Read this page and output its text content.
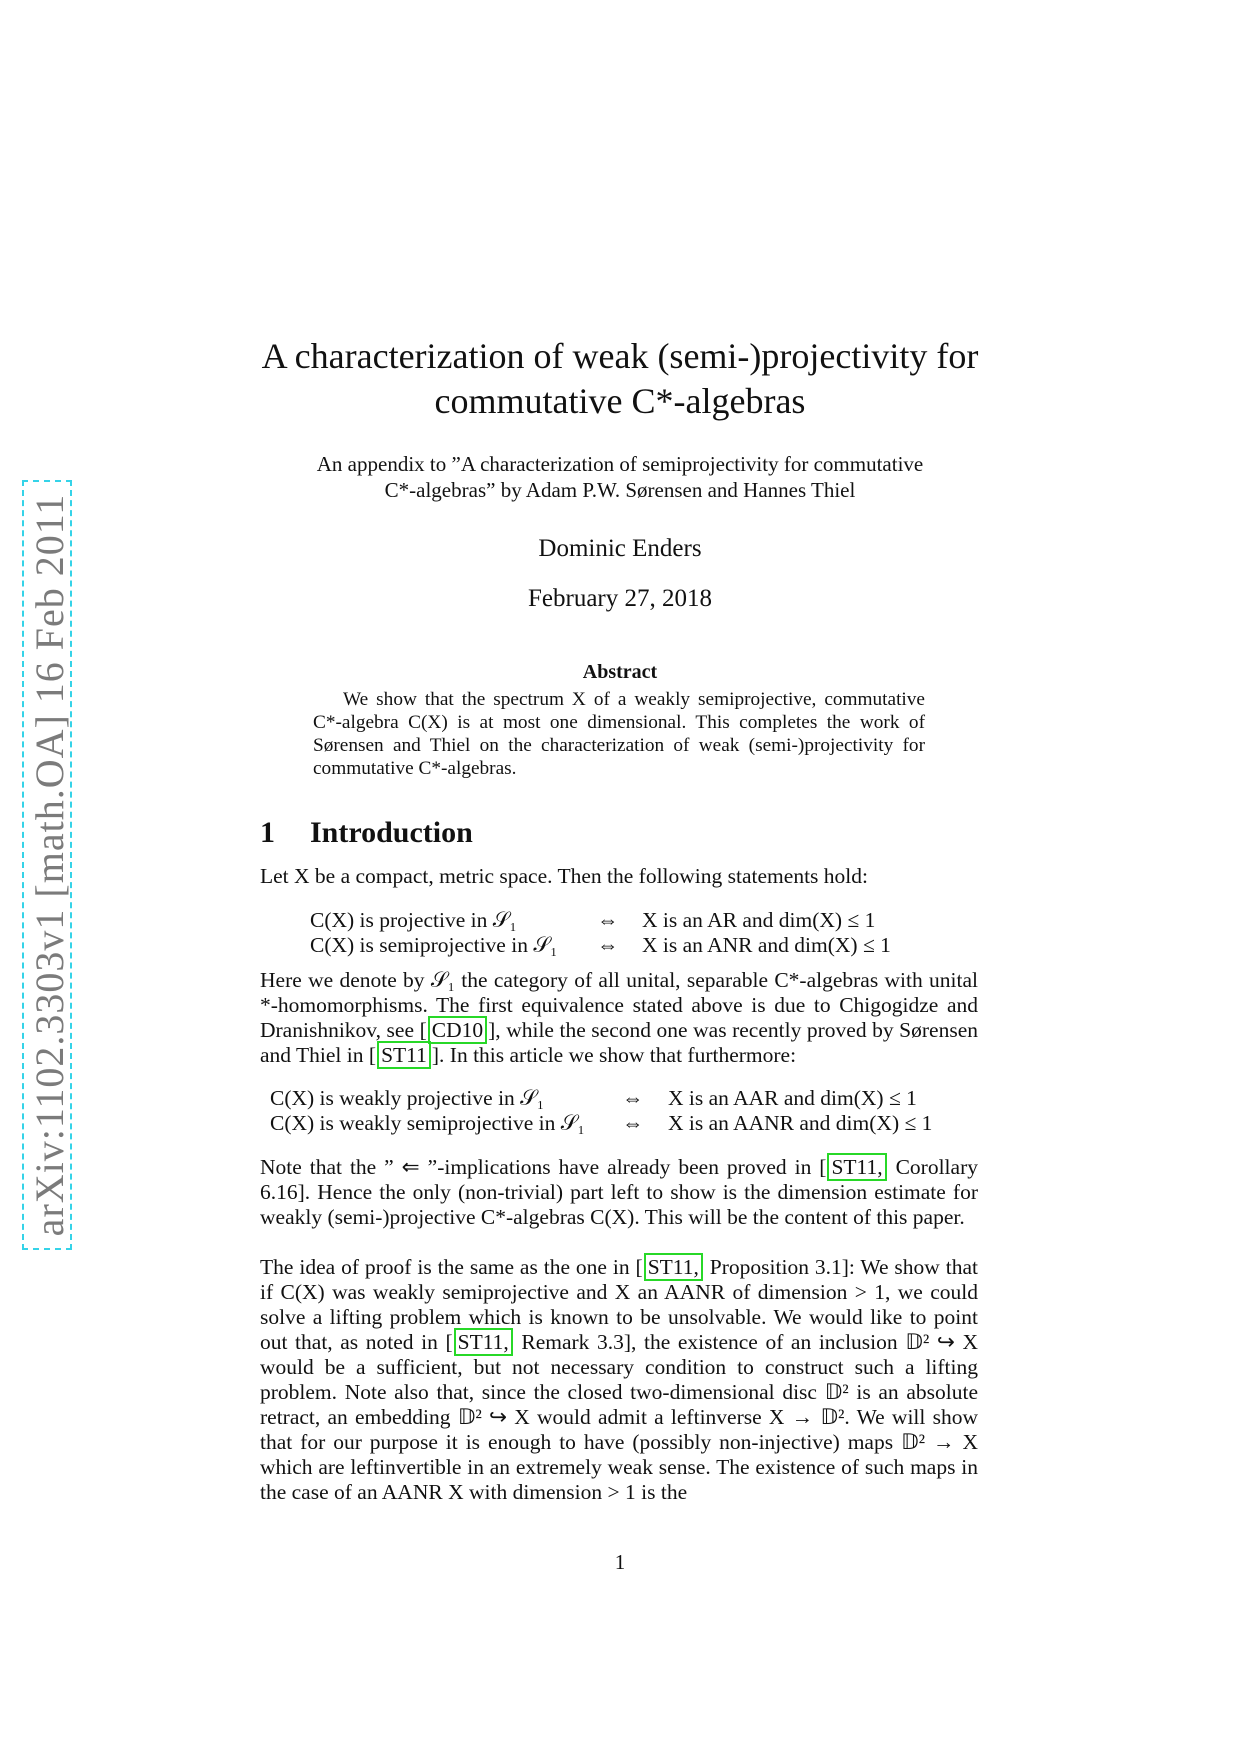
arXiv:1102.3303v1 [math.OA] 16 Feb 2011
A characterization of weak (semi-)projectivity for
commutative C*-algebras
An appendix to ”A characterization of semiprojectivity for commutative
C*-algebras” by Adam P.W. Sørensen and Hannes Thiel
Dominic Enders
February 27, 2018
Abstract
We show that the spectrum X of a weakly semiprojective, commutative C*-algebra C(X) is at most one dimensional. This completes the work of Sørensen and Thiel on the characterization of weak (semi-)projectivity for commutative C*-algebras.
1 Introduction
Let X be a compact, metric space. Then the following statements hold:
C(X) is projective in 𝒮₁	⇔ X is an AR and dim(X) ≤ 1
C(X) is semiprojective in 𝒮₁ ⇔ X is an ANR and dim(X) ≤ 1
Here we denote by 𝒮₁ the category of all unital, separable C*-algebras with unital *-homomorphisms. The first equivalence stated above is due to Chigogidze and Dranishnikov, see [ CD10 ], while the second one was recently proved by Sørensen and Thiel in [ ST11 ]. In this article we show that furthermore:
C(X) is weakly projective in 𝒮₁	⇔ X is an AAR and dim(X) ≤ 1
C(X) is weakly semiprojective in 𝒮₁ ⇔ X is an AANR and dim(X) ≤ 1
Note that the ” ⇐ ”-implications have already been proved in [ ST11, Corollary 6.16]. Hence the only (non-trivial) part left to show is the dimension estimate for weakly (semi-)projective C*-algebras C(X). This will be the content of this paper.
The idea of proof is the same as the one in [ ST11, Proposition 3.1]: We show that if C(X) was weakly semiprojective and X an AANR of dimension > 1, we could solve a lifting problem which is known to be unsolvable. We would like to point out that, as noted in [ ST11, Remark 3.3], the existence of an inclusion 𝔻² ↪ X would be a sufficient, but not necessary condition to construct such a lifting problem. Note also that, since the closed two-dimensional disc 𝔻² is an absolute retract, an embedding 𝔻² ↪ X would admit a leftinverse X → 𝔻². We will show that for our purpose it is enough to have (possibly non-injective) maps 𝔻² → X which are leftinvertible in an extremely weak sense. The existence of such maps in the case of an AANR X with dimension > 1 is the
1
